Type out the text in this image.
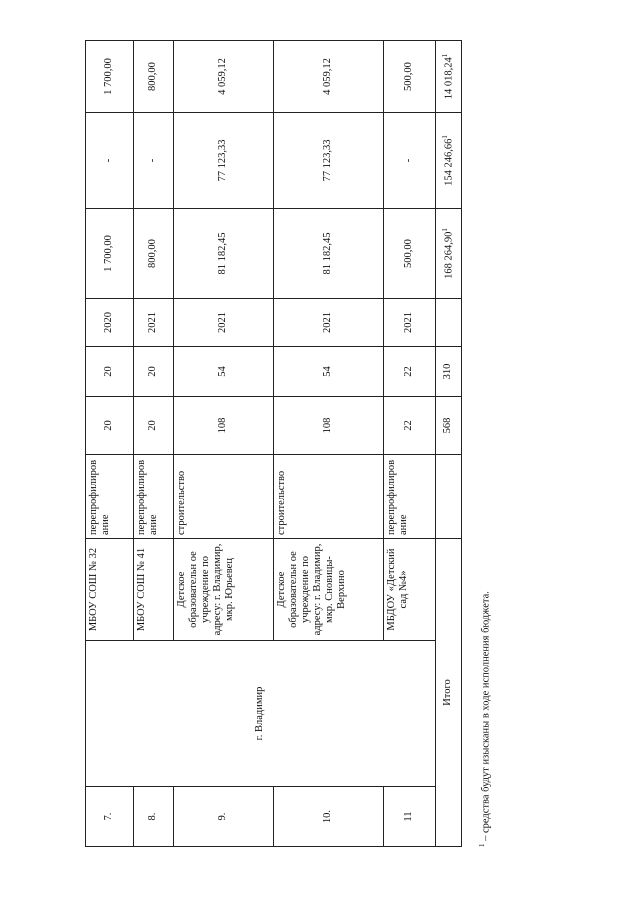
7.	г. Владимир	МБОУ СОШ № 32	перепрофилиров ание	20	20	2020	1 700,00	-	1 700,00
8.		МБОУ СОШ № 41	перепрофилиров ание	20	20	2021	800,00	-	800,00
9.		Детское образовательн ое учреждение по адресу: г. Владимир, мкр. Юрьевец	строительство	108	54	2021	81 182,45	77 123,33	4 059,12
10.		Детское образовательн ое учреждение по адресу: г. Владимир, мкр. Сновицы-Верхино	строительство	108	54	2021	81 182,45	77 123,33	4 059,12
11		МБДОУ «Детский сад №4»	перепрофилиров ание	22	22	2021	500,00	-	500,00
Итого				568	310		168 264,90$^1$	154 246,66$^1$	14 018,24$^1$
$^1$ – средства будут изысканы в ходе исполнения бюджета.
